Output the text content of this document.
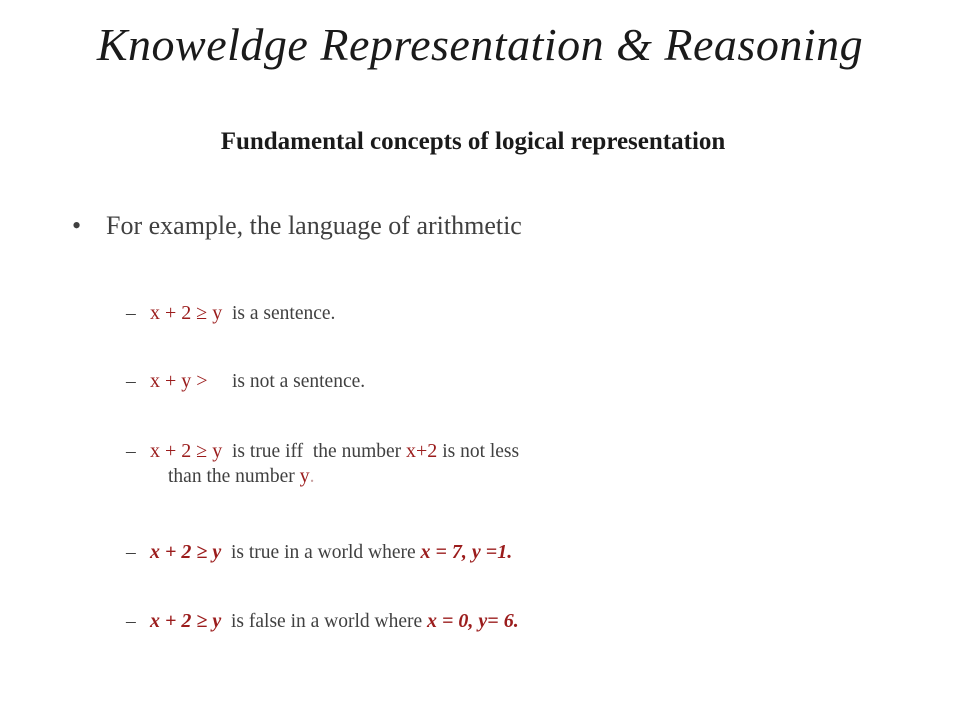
Knoweldge Representation & Reasoning
Fundamental concepts of logical representation
• For example, the language of arithmetic
– x + 2 ≥ y  is a sentence.
– x + y >     is not a sentence.
– x + 2 ≥ y  is true iff  the number x+2 is not less
than the number y.
– x + 2 ≥ y  is true in a world where x = 7, y =1.
– x + 2 ≥ y  is false in a world where x = 0, y= 6.
